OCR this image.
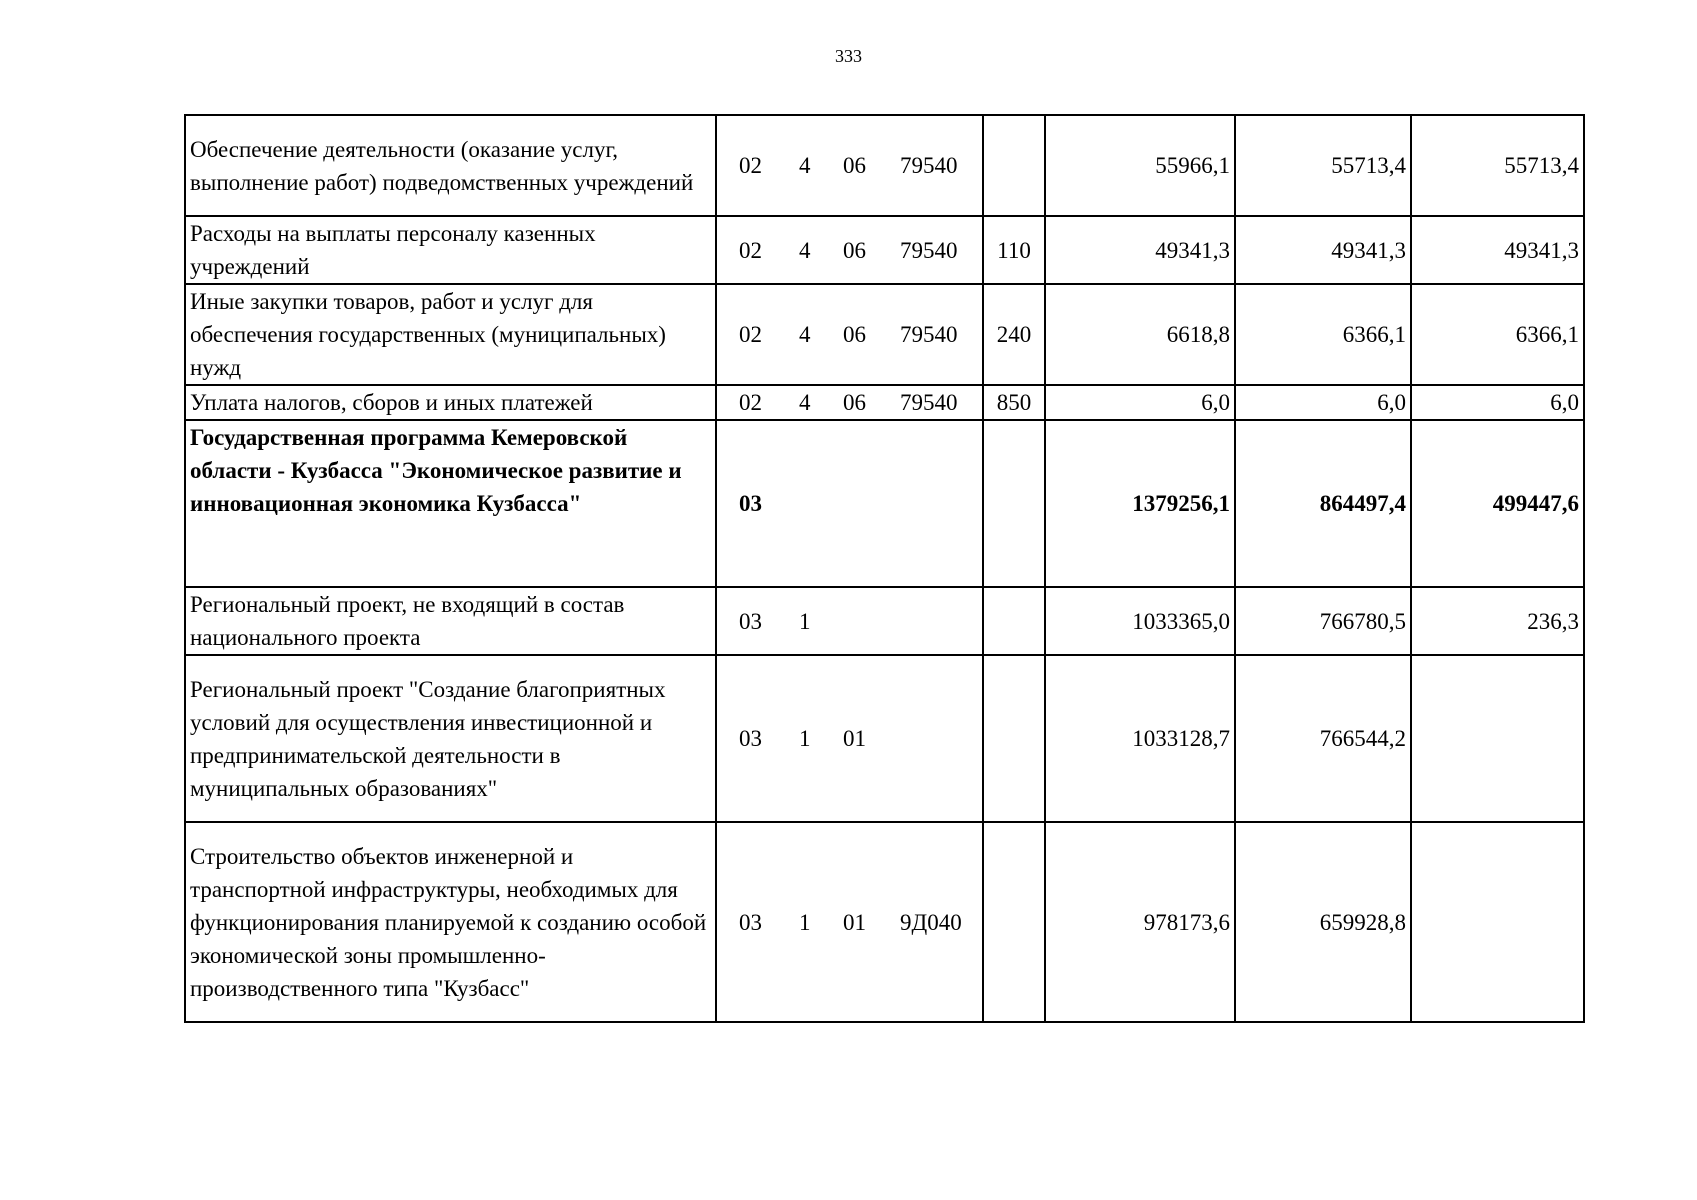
333
Обеспечение деятельности (оказание услуг, выполнение работ) подведомственных учреждений	02 4 06 79540		55966,1	55713,4	55713,4
Расходы на выплаты персоналу казенных учреждений	02 4 06 79540	110	49341,3	49341,3	49341,3
Иные закупки товаров, работ и услуг для обеспечения государственных (муниципальных) нужд	02 4 06 79540	240	6618,8	6366,1	6366,1
Уплата налогов, сборов и иных платежей	02 4 06 79540	850	6,0	6,0	6,0
Государственная программа Кемеровской области - Кузбасса "Экономическое развитие и инновационная экономика Кузбасса"	03		1379256,1	864497,4	499447,6
Региональный проект, не входящий в состав национального проекта	03 1		1033365,0	766780,5	236,3
Региональный проект "Создание благоприятных условий для осуществления инвестиционной и предпринимательской деятельности в муниципальных образованиях"	03 1 01		1033128,7	766544,2	
Строительство объектов инженерной и транспортной инфраструктуры, необходимых для функционирования планируемой к созданию особой экономической зоны промышленно-производственного типа "Кузбасс"	03 1 01 9Д040		978173,6	659928,8	
